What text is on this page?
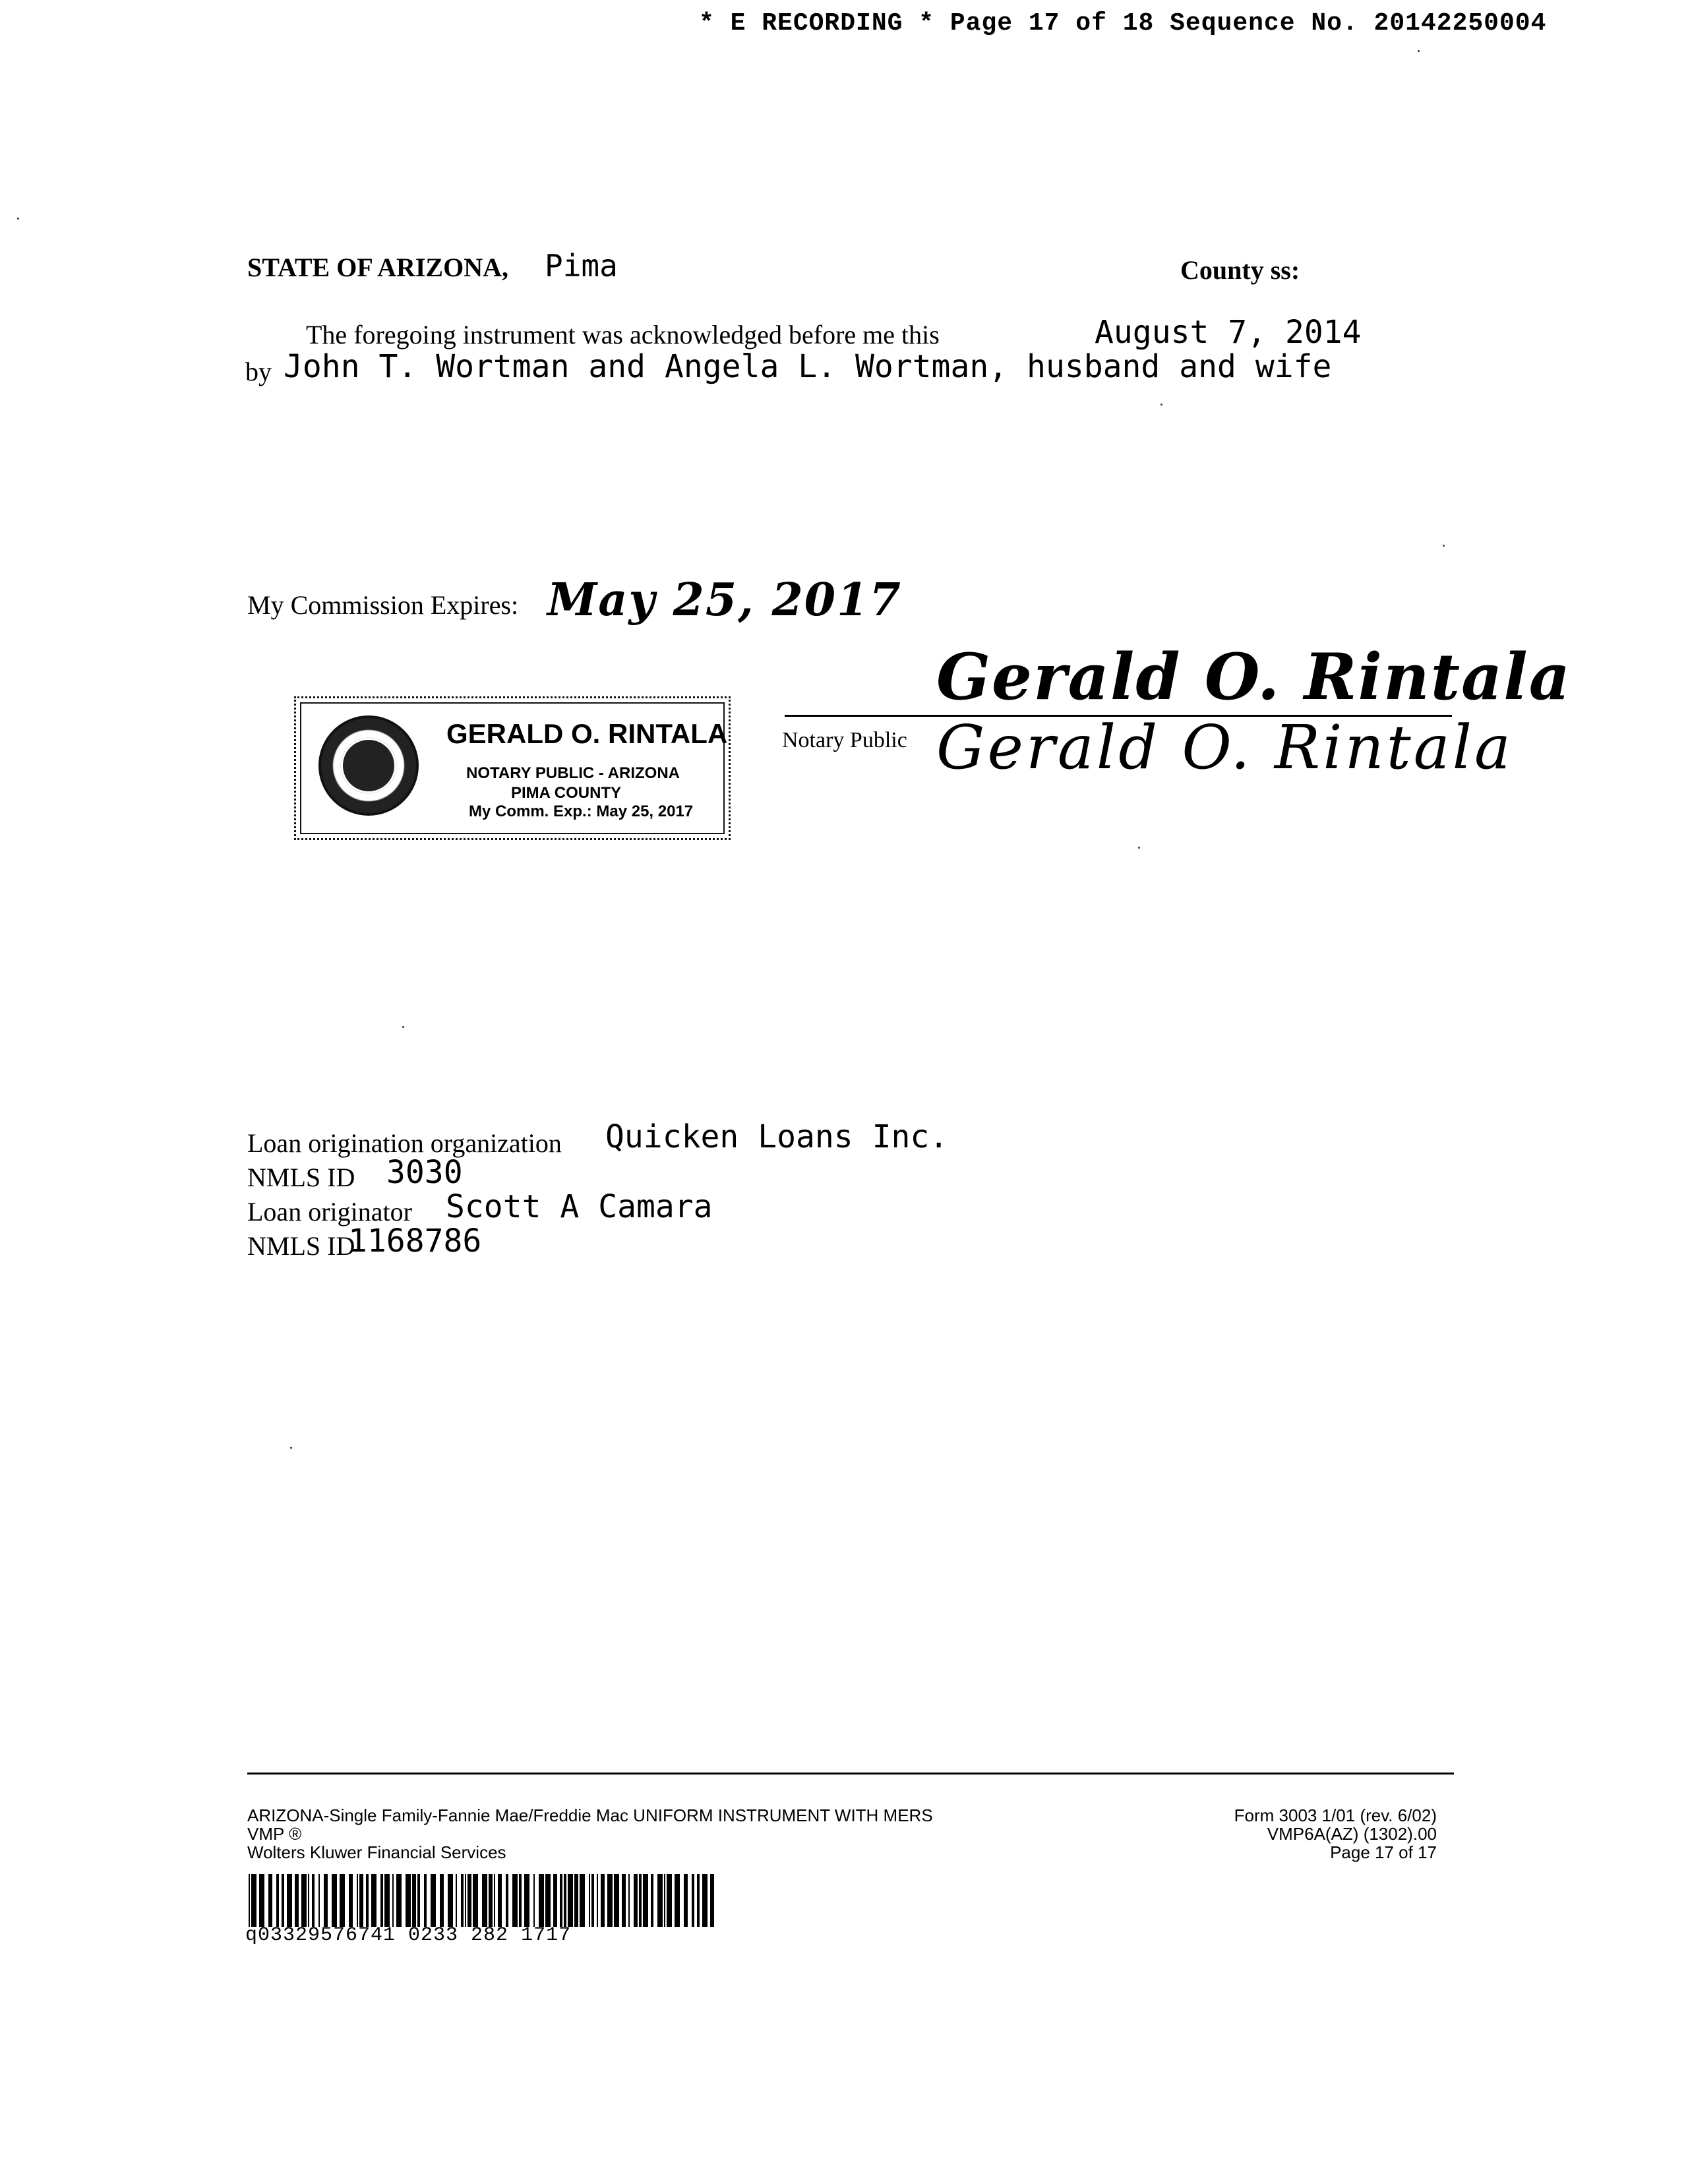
* E RECORDING * Page 17 of 18 Sequence No. 20142250004
STATE OF ARIZONA, Pima	County ss:
The foregoing instrument was acknowledged before me this	August 7, 2014
by John T. Wortman and Angela L. Wortman, husband and wife
My Commission Expires: May 25, 2017
GERALD O. RINTALA
NOTARY PUBLIC - ARIZONA
PIMA COUNTY
My Comm. Exp.: May 25, 2017
Gerald O. Rintala
Notary Public Gerald O. Rintala
Loan origination organization Quicken Loans Inc.
NMLS ID 3030
Loan originator Scott A Camara
NMLS ID
1168786
ARIZONA-Single Family-Fannie Mae/Freddie Mac UNIFORM INSTRUMENT WITH MERS
VMP ®
Wolters Kluwer Financial Services
Form 3003 1/01 (rev. 6/02)
VMP6A(AZ) (1302).00
Page 17 of 17
q03329576741 0233 282 1717
